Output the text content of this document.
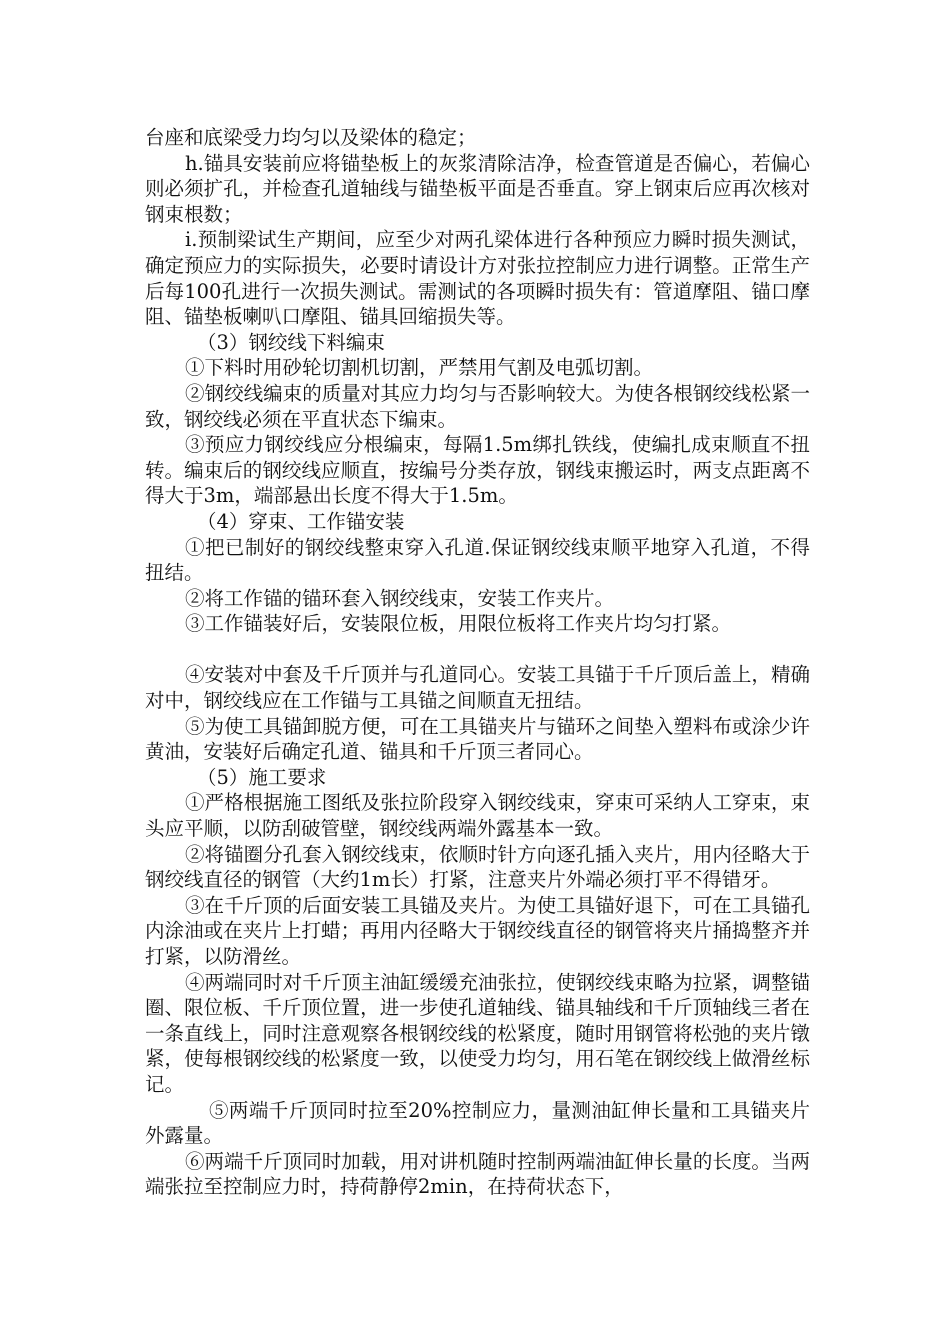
台座和底梁受力均匀以及梁体的稳定；

h.锚具安装前应将锚垫板上的灰浆清除洁净，检查管道是否偏心，若偏心则必须扩孔，并检查孔道轴线与锚垫板平面是否垂直。穿上钢束后应再次核对钢束根数；

i.预制梁试生产期间，应至少对两孔梁体进行各种预应力瞬时损失测试，确定预应力的实际损失，必要时请设计方对张拉控制应力进行调整。正常生产后每100孔进行一次损失测试。需测试的各项瞬时损失有：管道摩阻、锚口摩阻、锚垫板喇叭口摩阻、锚具回缩损失等。

（3）钢绞线下料编束

①下料时用砂轮切割机切割，严禁用气割及电弧切割。

②钢绞线编束的质量对其应力均匀与否影响较大。为使各根钢绞线松紧一致，钢绞线必须在平直状态下编束。

③预应力钢绞线应分根编束，每隔1.5m绑扎铁线，使编扎成束顺直不扭转。编束后的钢绞线应顺直，按编号分类存放，钢线束搬运时，两支点距离不得大于3m，端部悬出长度不得大于1.5m。

（4）穿束、工作锚安装

①把已制好的钢绞线整束穿入孔道.保证钢绞线束顺平地穿入孔道，不得扭结。

②将工作锚的锚环套入钢绞线束，安装工作夹片。

③工作锚装好后，安装限位板，用限位板将工作夹片均匀打紧。

④安装对中套及千斤顶并与孔道同心。安装工具锚于千斤顶后盖上，精确对中，钢绞线应在工作锚与工具锚之间顺直无扭结。

⑤为使工具锚卸脱方便，可在工具锚夹片与锚环之间垫入塑料布或涂少许黄油，安装好后确定孔道、锚具和千斤顶三者同心。

（5）施工要求

①严格根据施工图纸及张拉阶段穿入钢绞线束，穿束可采纳人工穿束，束头应平顺，以防刮破管壁，钢绞线两端外露基本一致。

②将锚圈分孔套入钢绞线束，依顺时针方向逐孔插入夹片，用内径略大于钢绞线直径的钢管（大约1m长）打紧，注意夹片外端必须打平不得错牙。

③在千斤顶的后面安装工具锚及夹片。为使工具锚好退下，可在工具锚孔内涂油或在夹片上打蜡；再用内径略大于钢绞线直径的钢管将夹片捅捣整齐并打紧，以防滑丝。

④两端同时对千斤顶主油缸缓缓充油张拉，使钢绞线束略为拉紧，调整锚圈、限位板、千斤顶位置，进一步使孔道轴线、锚具轴线和千斤顶轴线三者在一条直线上，同时注意观察各根钢绞线的松紧度，随时用钢管将松弛的夹片镦紧，使每根钢绞线的松紧度一致，以使受力均匀，用石笔在钢绞线上做滑丝标记。

⑤两端千斤顶同时拉至20%控制应力，量测油缸伸长量和工具锚夹片外露量。

⑥两端千斤顶同时加载，用对讲机随时控制两端油缸伸长量的长度。当两端张拉至控制应力时，持荷静停2min，在持荷状态下，
